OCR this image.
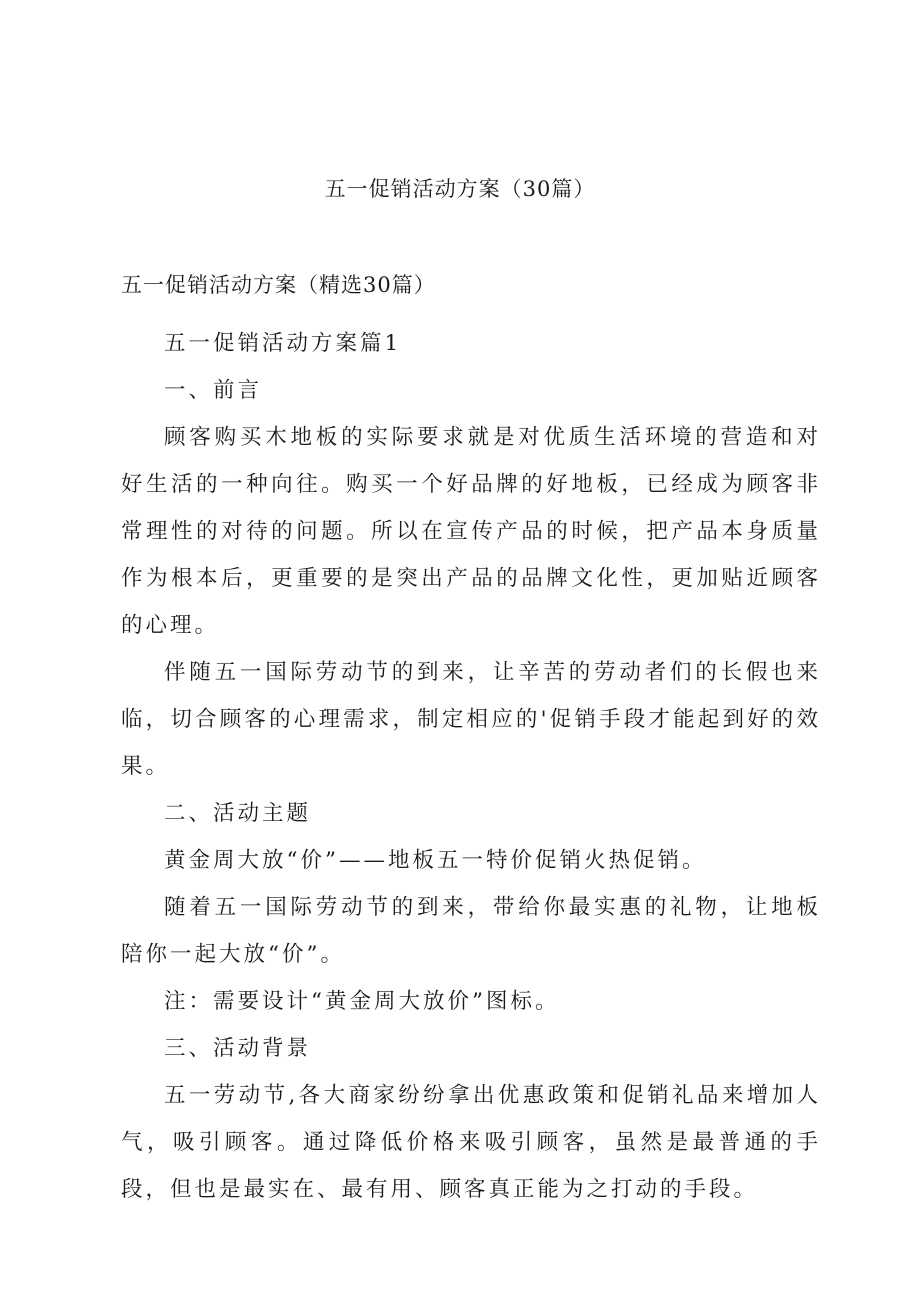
五一促销活动方案（30篇）
五一促销活动方案（精选30篇）

五一促销活动方案篇1

一、前言

顾客购买木地板的实际要求就是对优质生活环境的营造和对好生活的一种向往。购买一个好品牌的好地板，已经成为顾客非常理性的对待的问题。所以在宣传产品的时候，把产品本身质量作为根本后，更重要的是突出产品的品牌文化性，更加贴近顾客的心理。

伴随五一国际劳动节的到来，让辛苦的劳动者们的长假也来临，切合顾客的心理需求，制定相应的'促销手段才能起到好的效果。

二、活动主题

黄金周大放“价”——地板五一特价促销火热促销。

随着五一国际劳动节的到来，带给你最实惠的礼物，让地板陪你一起大放“价”。

注：需要设计“黄金周大放价”图标。

三、活动背景

五一劳动节,各大商家纷纷拿出优惠政策和促销礼品来增加人气，吸引顾客。通过降低价格来吸引顾客，虽然是最普通的手段，但也是最实在、最有用、顾客真正能为之打动的手段。
